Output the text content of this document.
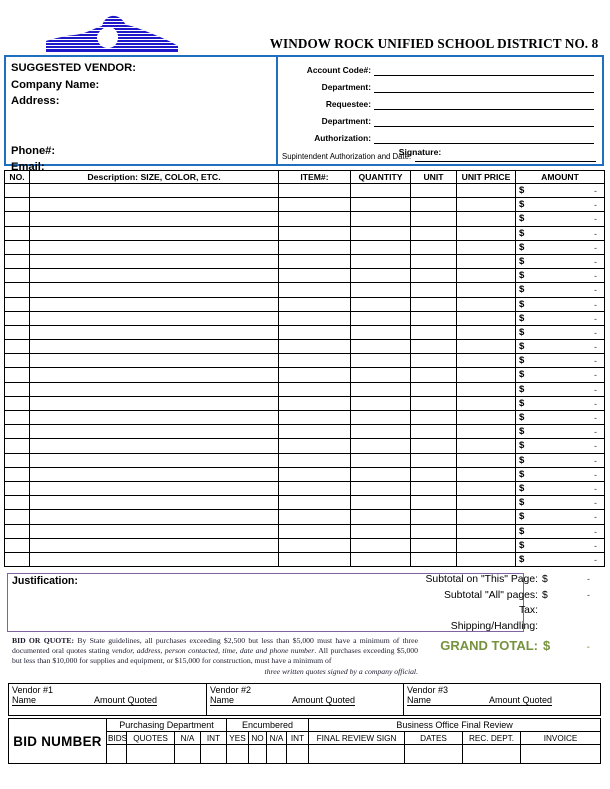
WINDOW ROCK UNIFIED SCHOOL DISTRICT NO. 8
SUGGESTED VENDOR:
Company Name:
Address:
Phone#:
Email:
Account Code#:
Department:
Requestee:
Department:
Authorization:
Signature:
Supintendent Authorization and Date:
NO.	Description: SIZE, COLOR, ETC.	ITEM#:	QUANTITY	UNIT	UNIT PRICE	AMOUNT

						$ -

						$ -

						$ -

						$ -

						$ -

						$ -

						$ -

						$ -

						$ -

						$ -

						$ -

						$ -

						$ -

						$ -

						$ -

						$ -

						$ -

						$ -

						$ -

						$ -

						$ -

						$ -

						$ -

						$ -

						$ -

						$ -

						$ -
Justification:	Subtotal on "This" Page: $	-
Subtotal "All" pages: $	-
Tax:
Shipping/Handling:
GRAND TOTAL: $	-
BID OR QUOTE: By State guidelines, all purchases exceeding $2,500 but less than $5,000 must have a minimum of three documented oral quotes stating vendor, address, person contacted, time, date and phone number. All purchases exceeding $5,000 but less than $10,000 for supplies and equipment, or $15,000 for construction, must have a minimum of
three written quotes signed by a company official.
Vendor #1 Name	Amount Quoted	Vendor #2 Name	Amount Quoted	Vendor #3 Name	Amount Quoted
BID NUMBER	Purchasing Department				Encumbered				Business Office Final Review			
	BIDS	QUOTES	N/A	INT	YES	NO	N/A	INT	FINAL REVIEW SIGN	DATES	REC. DEPT.	INVOICE
